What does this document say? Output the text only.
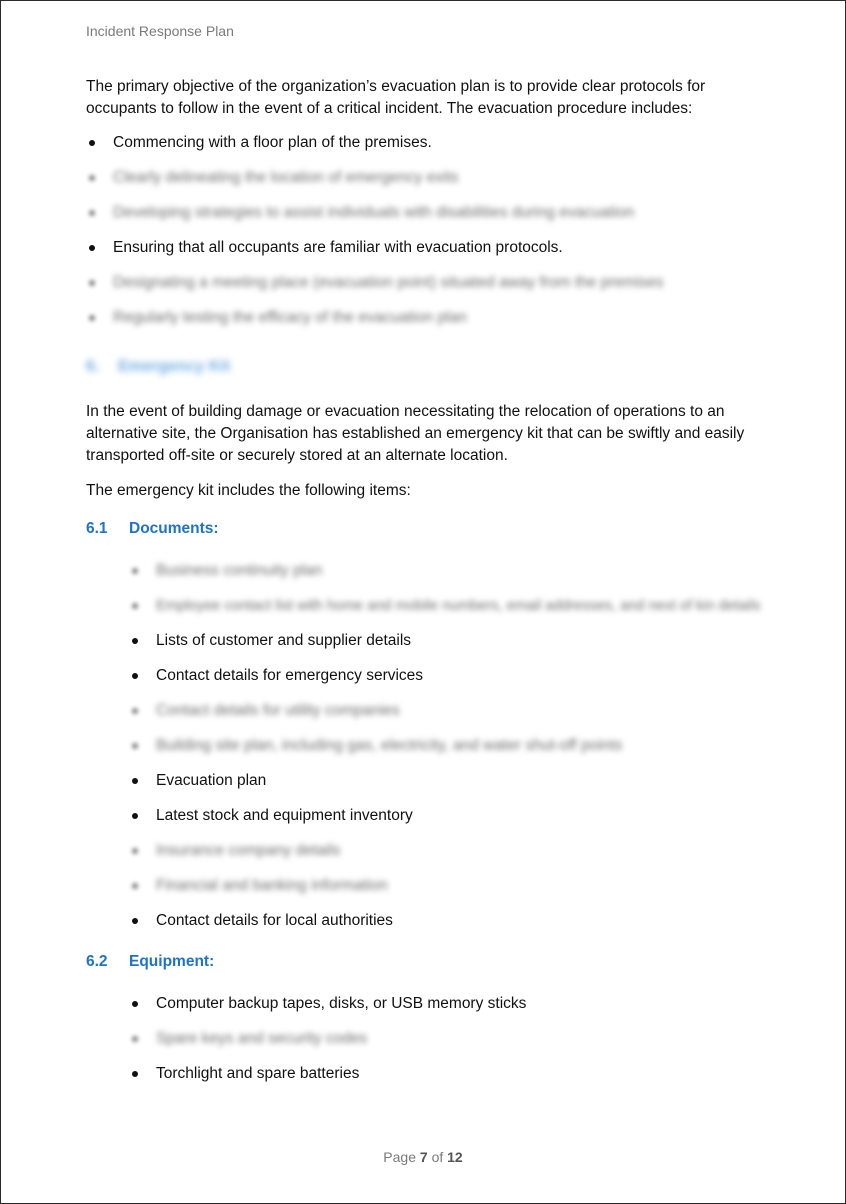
Incident Response Plan
The primary objective of the organization’s evacuation plan is to provide clear protocols for occupants to follow in the event of a critical incident. The evacuation procedure includes:
Commencing with a floor plan of the premises.
Clearly delineating the location of emergency exits
Developing strategies to assist individuals with disabilities during evacuation
Ensuring that all occupants are familiar with evacuation protocols.
Designating a meeting place (evacuation point) situated away from the premises
Regularly testing the efficacy of the evacuation plan
6. Emergency Kit
In the event of building damage or evacuation necessitating the relocation of operations to an alternative site, the Organisation has established an emergency kit that can be swiftly and easily transported off-site or securely stored at an alternate location.
The emergency kit includes the following items:
6.1 Documents:
Business continuity plan
Employee contact list with home and mobile numbers, email addresses, and next of kin details
Lists of customer and supplier details
Contact details for emergency services
Contact details for utility companies
Building site plan, including gas, electricity, and water shut-off points
Evacuation plan
Latest stock and equipment inventory
Insurance company details
Financial and banking information
Contact details for local authorities
6.2 Equipment:
Computer backup tapes, disks, or USB memory sticks
Spare keys and security codes
Torchlight and spare batteries
Page 7 of 12
